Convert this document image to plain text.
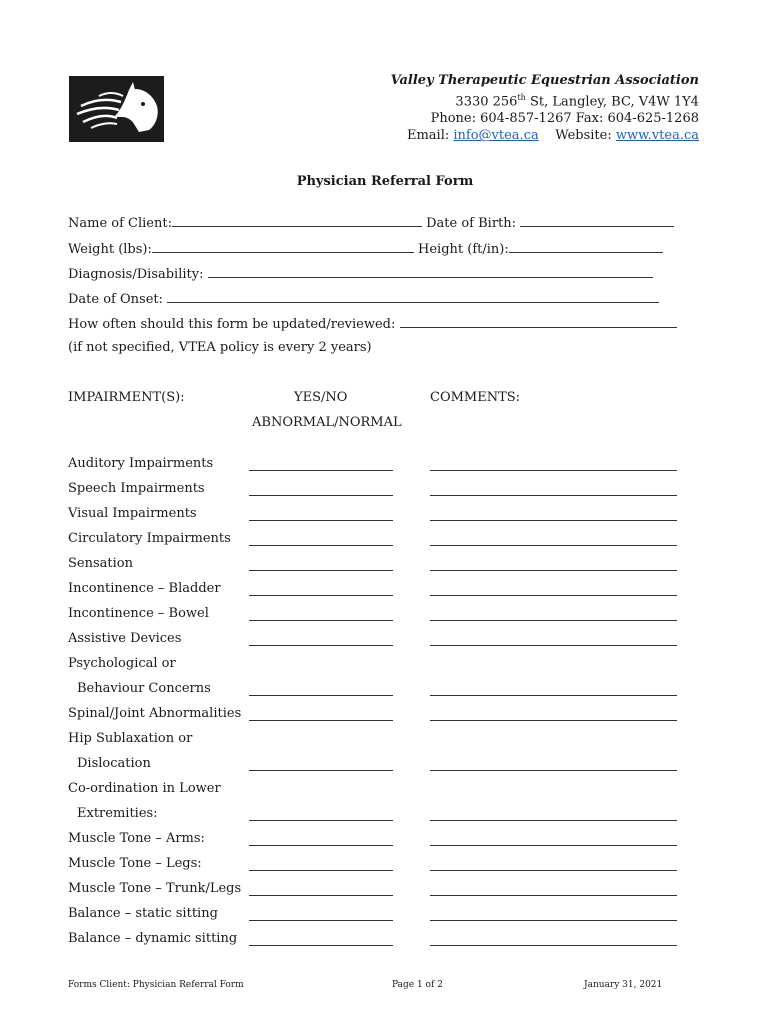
Valley Therapeutic Equestrian Association
3330 256th St, Langley, BC, V4W 1Y4
Phone: 604-857-1267 Fax: 604-625-1268
Email: info@vtea.ca Website: www.vtea.ca
Physician Referral Form
Name of Client:	Date of Birth:
Weight (lbs):	Height (ft/in):
Diagnosis/Disability:
Date of Onset:
How often should this form be updated/reviewed:
(if not specified, VTEA policy is every 2 years)
IMPAIRMENT(S):	YES/NO
ABNORMAL/NORMAL
COMMENTS:
Auditory Impairments
Speech Impairments
Visual Impairments
Circulatory Impairments
Sensation
Incontinence – Bladder
Incontinence – Bowel
Assistive Devices
Psychological or
Behaviour Concerns
Spinal/Joint Abnormalities
Hip Sublaxation or
Dislocation
Co-ordination in Lower
Extremities:
Muscle Tone – Arms:
Muscle Tone – Legs:
Muscle Tone – Trunk/Legs
Balance – static sitting
Balance – dynamic sitting
Forms Client: Physician Referral Form	Page 1 of 2	January 31, 2021
